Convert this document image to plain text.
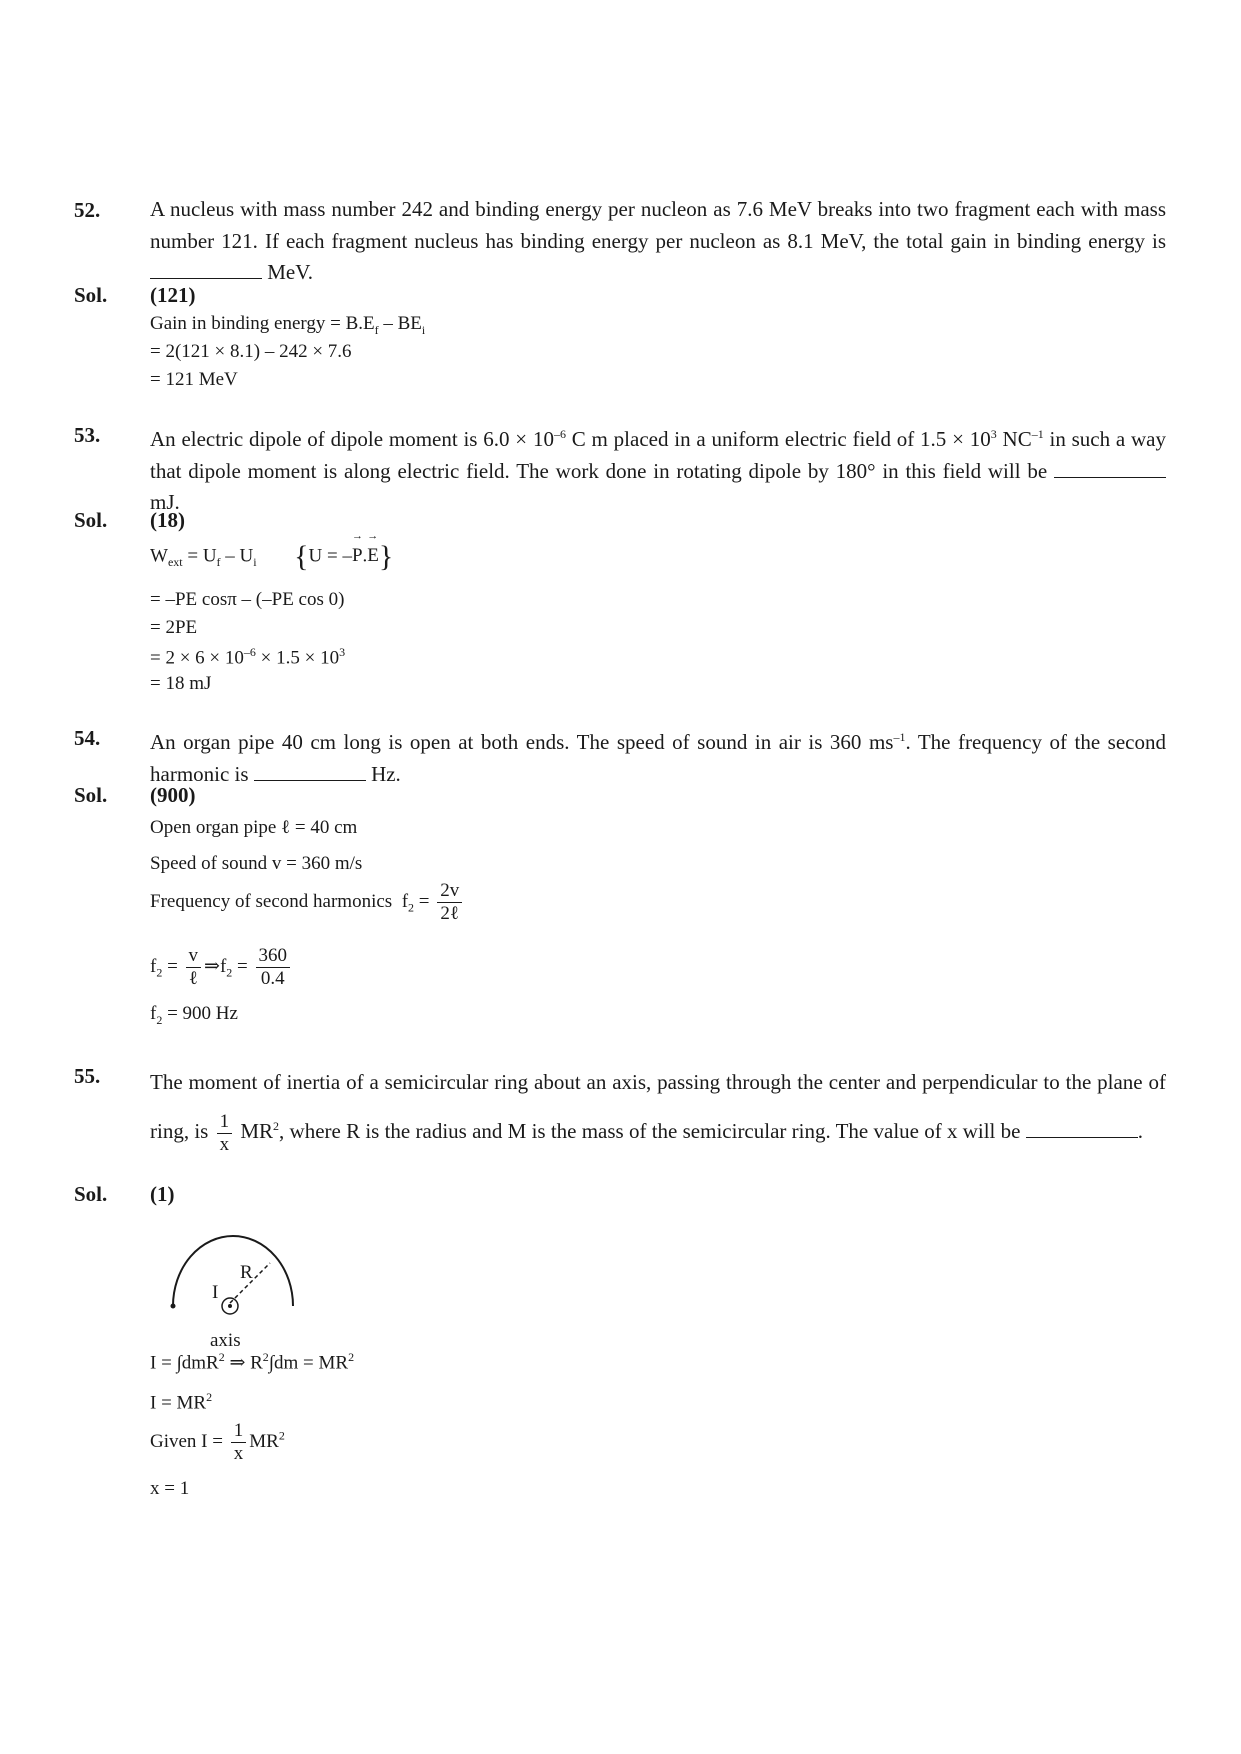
52. A nucleus with mass number 242 and binding energy per nucleon as 7.6 MeV breaks into two fragment each with mass number 121. If each fragment nucleus has binding energy per nucleon as 8.1 MeV, the total gain in binding energy is  MeV.
Sol. (121)
Gain in binding energy = $B.E_f - BE_i$
= 2(121 × 8.1) – 242 × 7.6
= 121 MeV
53. An electric dipole of dipole moment is $6.0 \times 10^{-6}$ C m placed in a uniform electric field of $1.5 \times 10^3$ $NC^{-1}$ in such a way that dipole moment is along electric field. The work done in rotating dipole by 180° in this field will be  mJ.
Sol. (18)
$W_{ext} = U_f - U_i$ {U = –→ P.→ E}
= –PE cosπ – (–PE cos 0)
= 2PE
= $2 \times 6 \times 10^{-6} \times 1.5 \times 10^3$
= 18 mJ
54. An organ pipe 40 cm long is open at both ends. The speed of sound in air is 360 $ms^{-1}$. The frequency of the second harmonic is	Hz.
Sol. (900)
Open organ pipe ℓ = 40 cm
Speed of sound v = 360 m/s
Frequency of second harmonics $f_2 = \frac{2v}{\text{2ℓ}}$
$f_2 = \frac{v}{\text{ℓ}}$ $\Rightarrow f_2 = \frac{360}{0.4}$
$f_2 = 900$ Hz
55. The moment of inertia of a semicircular ring about an axis, passing through the center and perpendicular to the plane of ring, is $\frac{1}{x} MR^2$, where R is the radius and M is the mass of the semicircular ring. The value of x will be	.
Sol. (1)
R
I
axis
I = ∫dmR$^2$ ⇒ $R^2\int dm = MR^2$
$I = MR^2$
Given $I = \frac{1}{x} MR^2$
x = 1
